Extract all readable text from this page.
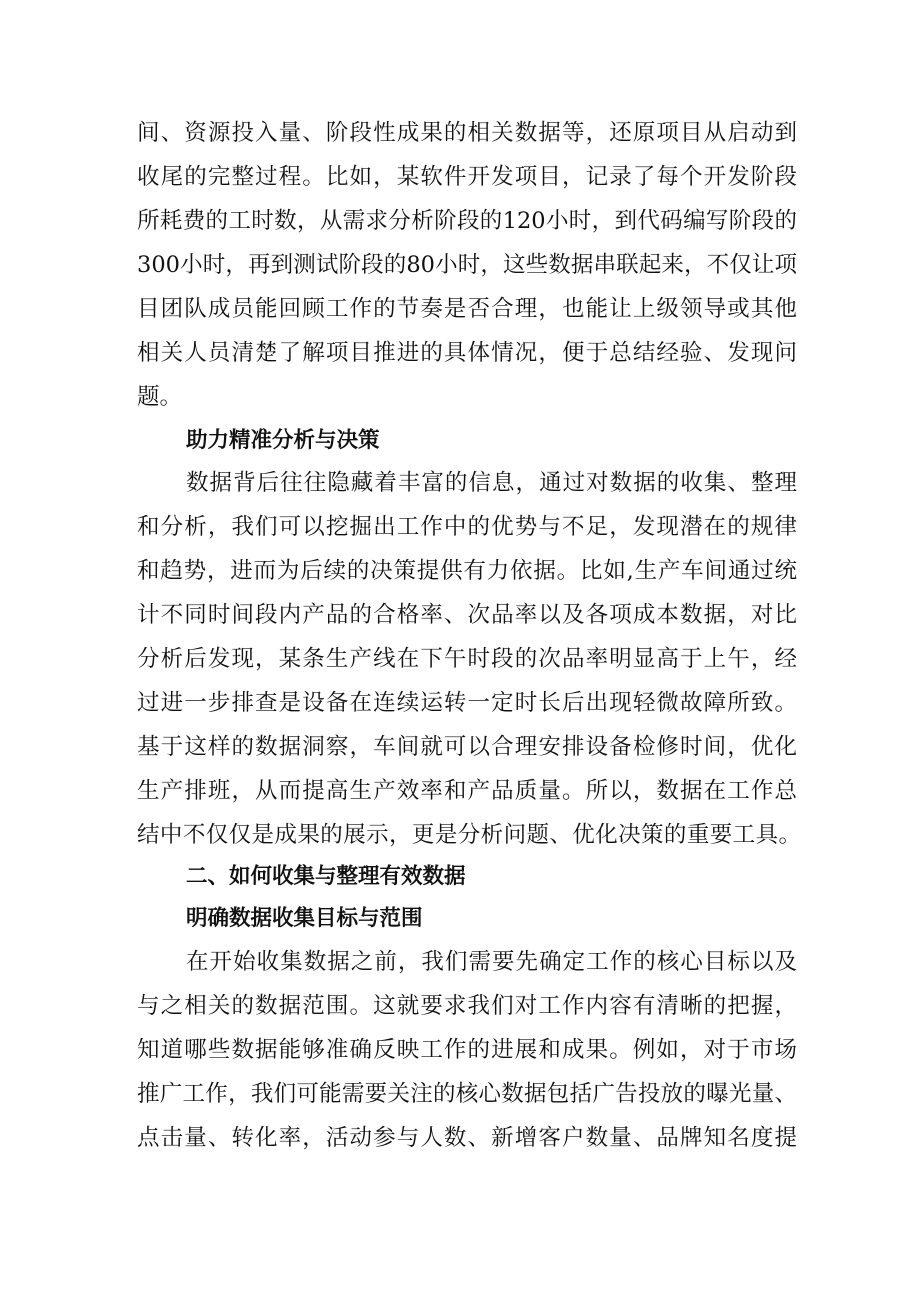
间、资源投入量、阶段性成果的相关数据等，还原项目从启动到
收尾的完整过程。比如，某软件开发项目，记录了每个开发阶段
所耗费的工时数，从需求分析阶段的120小时，到代码编写阶段的
300小时，再到测试阶段的80小时，这些数据串联起来，不仅让项
目团队成员能回顾工作的节奏是否合理，也能让上级领导或其他
相关人员清楚了解项目推进的具体情况，便于总结经验、发现问
题。
助力精准分析与决策
数据背后往往隐藏着丰富的信息，通过对数据的收集、整理
和分析，我们可以挖掘出工作中的优势与不足，发现潜在的规律
和趋势，进而为后续的决策提供有力依据。比如,生产车间通过统
计不同时间段内产品的合格率、次品率以及各项成本数据，对比
分析后发现，某条生产线在下午时段的次品率明显高于上午，经
过进一步排查是设备在连续运转一定时长后出现轻微故障所致。
基于这样的数据洞察，车间就可以合理安排设备检修时间，优化
生产排班，从而提高生产效率和产品质量。所以，数据在工作总
结中不仅仅是成果的展示，更是分析问题、优化决策的重要工具。
二、如何收集与整理有效数据
明确数据收集目标与范围
在开始收集数据之前，我们需要先确定工作的核心目标以及
与之相关的数据范围。这就要求我们对工作内容有清晰的把握，
知道哪些数据能够准确反映工作的进展和成果。例如，对于市场
推广工作，我们可能需要关注的核心数据包括广告投放的曝光量、
点击量、转化率，活动参与人数、新增客户数量、品牌知名度提
